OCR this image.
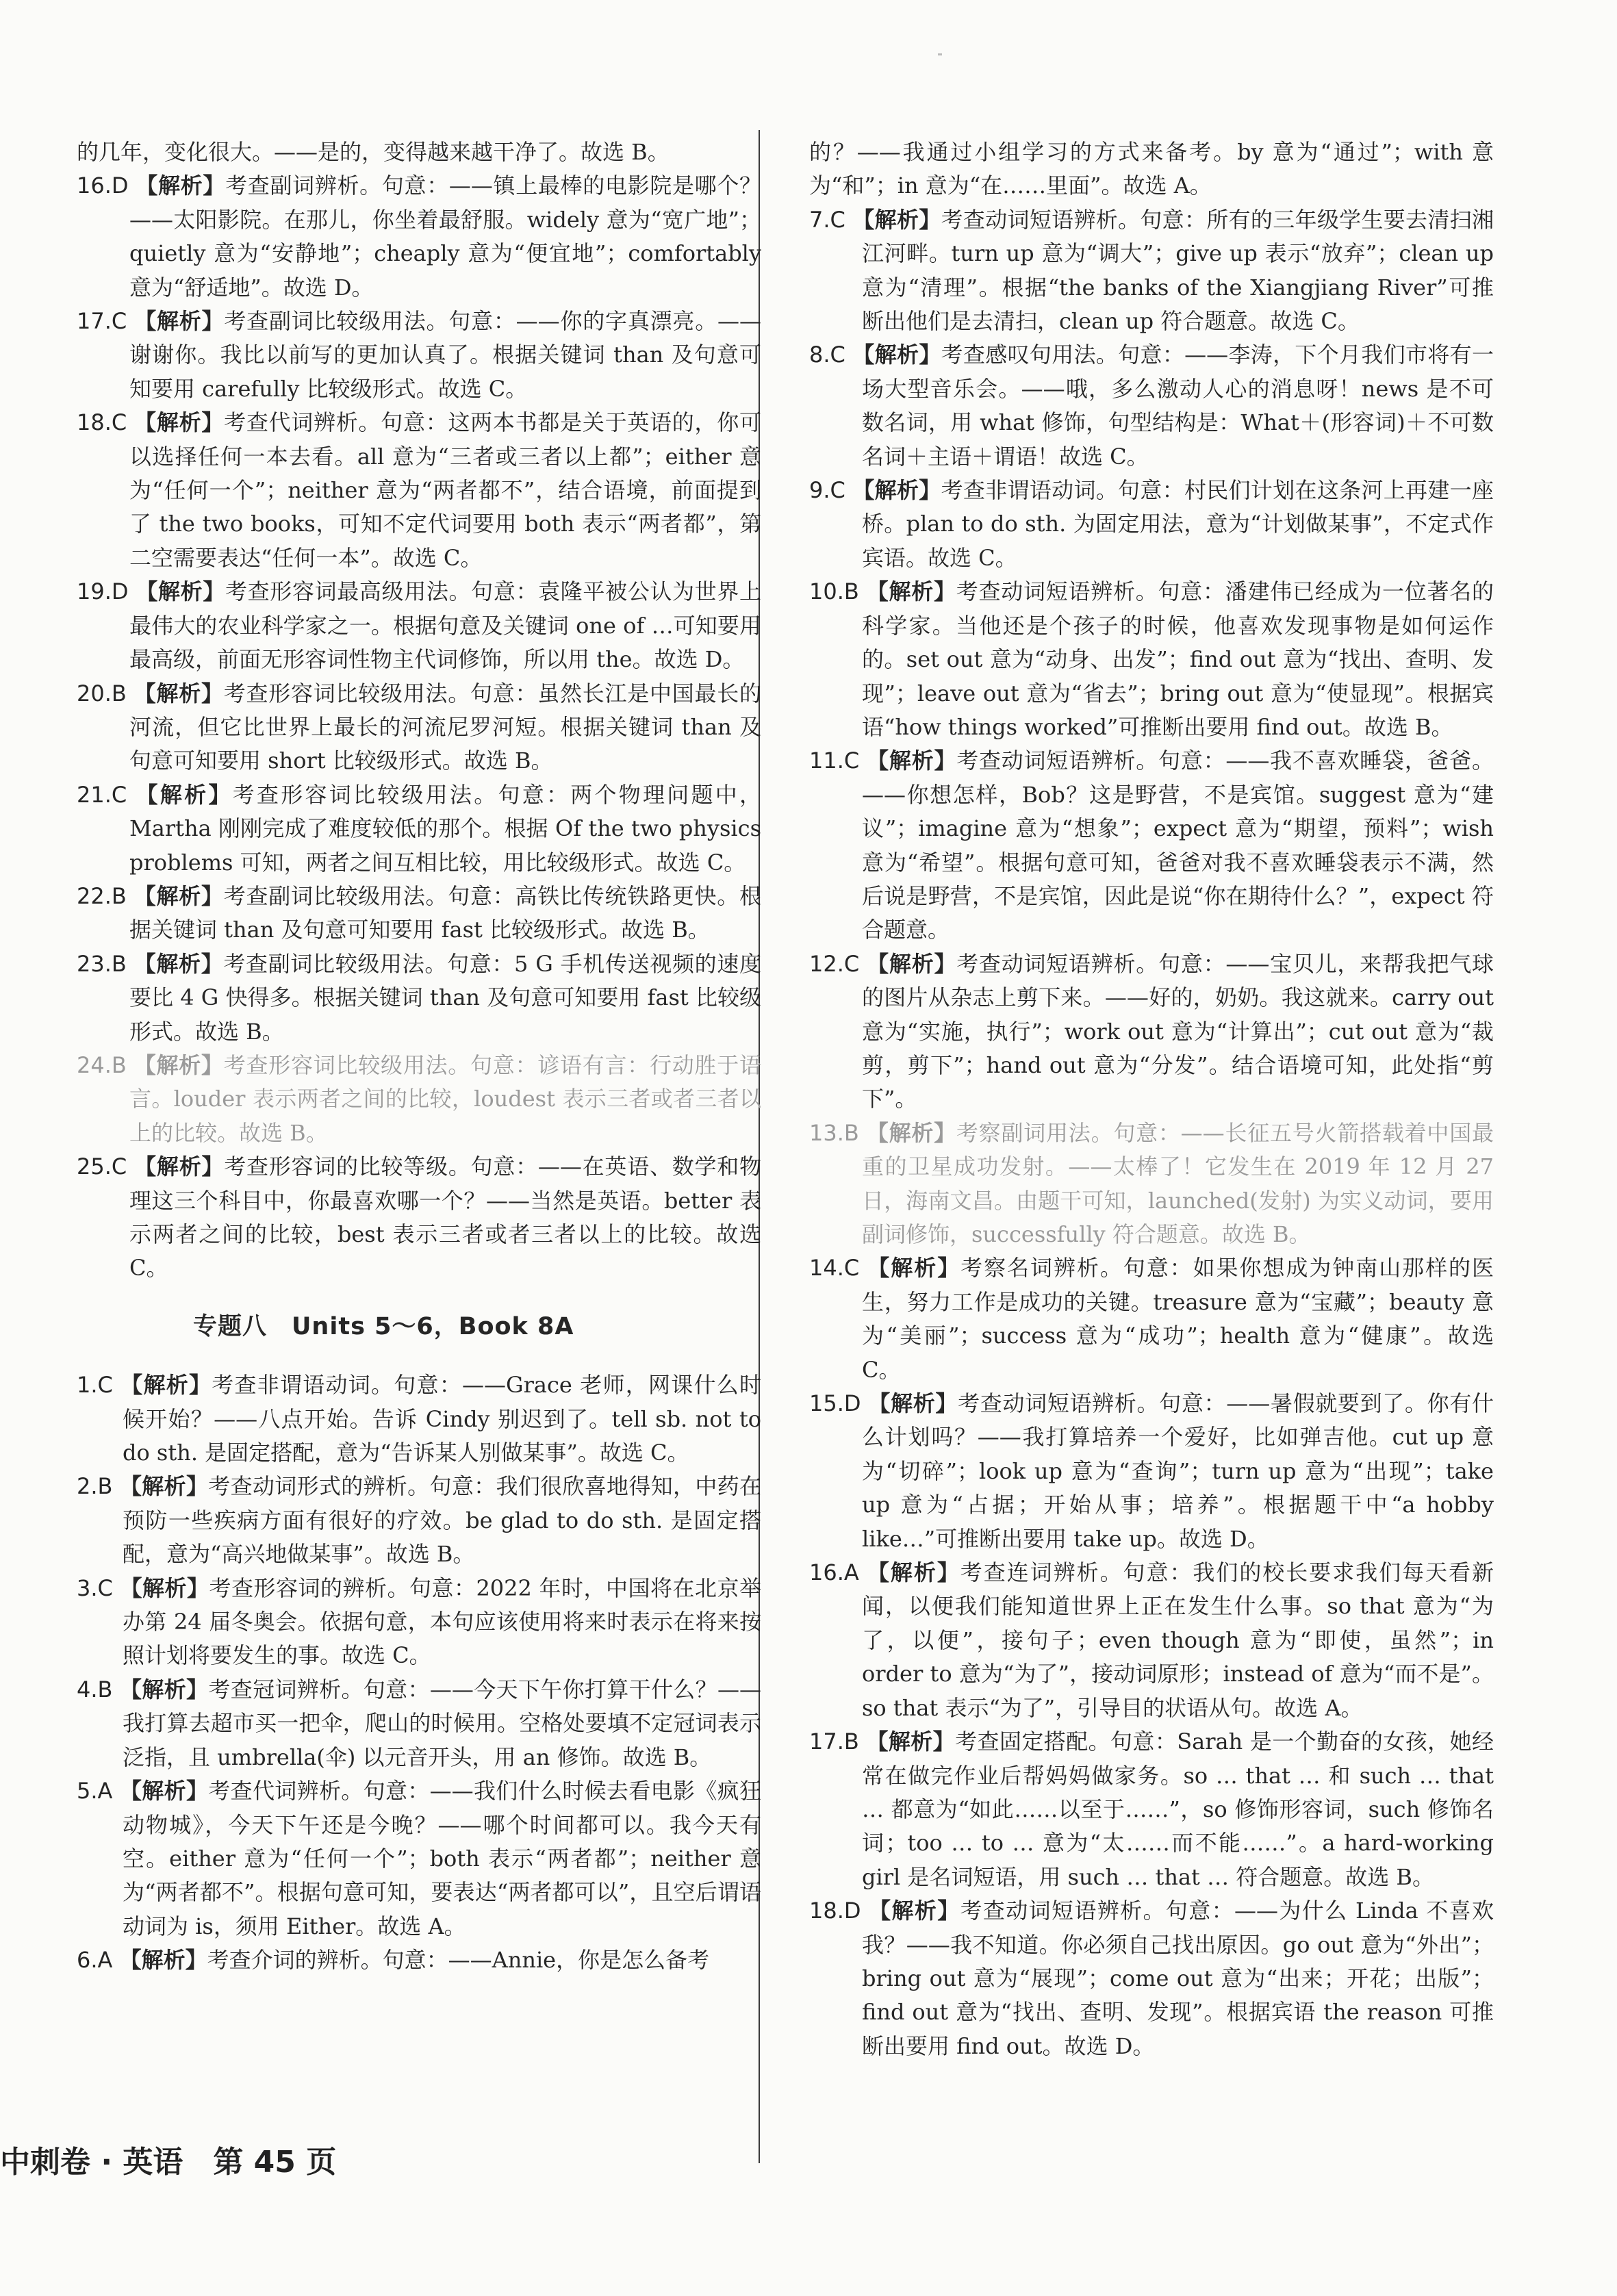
的几年，变化很大。——是的，变得越来越干净了。故选 B。

16.D 【解析】考查副词辨析。句意：——镇上最棒的电影院是哪个？——太阳影院。在那儿，你坐着最舒服。widely 意为“宽广地”；quietly 意为“安静地”；cheaply 意为“便宜地”；comfortably 意为“舒适地”。故选 D。

17.C 【解析】考查副词比较级用法。句意：——你的字真漂亮。——谢谢你。我比以前写的更加认真了。根据关键词 than 及句意可知要用 carefully 比较级形式。故选 C。

18.C 【解析】考查代词辨析。句意：这两本书都是关于英语的，你可以选择任何一本去看。all 意为“三者或三者以上都”；either 意为“任何一个”；neither 意为“两者都不”，结合语境，前面提到了 the two books，可知不定代词要用 both 表示“两者都”，第二空需要表达“任何一本”。故选 C。

19.D 【解析】考查形容词最高级用法。句意：袁隆平被公认为世界上最伟大的农业科学家之一。根据句意及关键词 one of …可知要用最高级，前面无形容词性物主代词修饰，所以用 the。故选 D。

20.B 【解析】考查形容词比较级用法。句意：虽然长江是中国最长的河流，但它比世界上最长的河流尼罗河短。根据关键词 than 及句意可知要用 short 比较级形式。故选 B。

21.C 【解析】考查形容词比较级用法。句意：两个物理问题中，Martha 刚刚完成了难度较低的那个。根据 Of the two physics problems 可知，两者之间互相比较，用比较级形式。故选 C。

22.B 【解析】考查副词比较级用法。句意：高铁比传统铁路更快。根据关键词 than 及句意可知要用 fast 比较级形式。故选 B。

23.B 【解析】考查副词比较级用法。句意：5 G 手机传送视频的速度要比 4 G 快得多。根据关键词 than 及句意可知要用 fast 比较级形式。故选 B。

24.B 【解析】考查形容词比较级用法。句意：谚语有言：行动胜于语言。louder 表示两者之间的比较，loudest 表示三者或者三者以上的比较。故选 B。

25.C 【解析】考查形容词的比较等级。句意：——在英语、数学和物理这三个科目中，你最喜欢哪一个？——当然是英语。better 表示两者之间的比较，best 表示三者或者三者以上的比较。故选 C。

专题八　Units 5～6，Book 8A

1.C 【解析】考查非谓语动词。句意：——Grace 老师，网课什么时候开始？——八点开始。告诉 Cindy 别迟到了。tell sb. not to do sth. 是固定搭配，意为“告诉某人别做某事”。故选 C。

2.B 【解析】考查动词形式的辨析。句意：我们很欣喜地得知，中药在预防一些疾病方面有很好的疗效。be glad to do sth. 是固定搭配，意为“高兴地做某事”。故选 B。

3.C 【解析】考查形容词的辨析。句意：2022 年时，中国将在北京举办第 24 届冬奥会。依据句意，本句应该使用将来时表示在将来按照计划将要发生的事。故选 C。

4.B 【解析】考查冠词辨析。句意：——今天下午你打算干什么？——我打算去超市买一把伞，爬山的时候用。空格处要填不定冠词表示泛指，且 umbrella(伞) 以元音开头，用 an 修饰。故选 B。

5.A 【解析】考查代词辨析。句意：——我们什么时候去看电影《疯狂动物城》，今天下午还是今晚？——哪个时间都可以。我今天有空。either 意为“任何一个”；both 表示“两者都”；neither 意为“两者都不”。根据句意可知，要表达“两者都可以”，且空后谓语动词为 is，须用 Either。故选 A。

6.A 【解析】考查介词的辨析。句意：——Annie，你是怎么备考

的？——我通过小组学习的方式来备考。by 意为“通过”；with 意为“和”；in 意为“在……里面”。故选 A。

7.C 【解析】考查动词短语辨析。句意：所有的三年级学生要去清扫湘江河畔。turn up 意为“调大”；give up 表示“放弃”；clean up 意为“清理”。根据“the banks of the Xiangjiang River”可推断出他们是去清扫，clean up 符合题意。故选 C。

8.C 【解析】考查感叹句用法。句意：——李涛，下个月我们市将有一场大型音乐会。——哦，多么激动人心的消息呀！news 是不可数名词，用 what 修饰，句型结构是：What＋(形容词)＋不可数名词＋主语＋谓语！故选 C。

9.C 【解析】考查非谓语动词。句意：村民们计划在这条河上再建一座桥。plan to do sth. 为固定用法，意为“计划做某事”，不定式作宾语。故选 C。

10.B 【解析】考查动词短语辨析。句意：潘建伟已经成为一位著名的科学家。当他还是个孩子的时候，他喜欢发现事物是如何运作的。set out 意为“动身、出发”；find out 意为“找出、查明、发现”；leave out 意为“省去”；bring out 意为“使显现”。根据宾语“how things worked”可推断出要用 find out。故选 B。

11.C 【解析】考查动词短语辨析。句意：——我不喜欢睡袋，爸爸。——你想怎样，Bob？这是野营，不是宾馆。suggest 意为“建议”；imagine 意为“想象”；expect 意为“期望，预料”；wish 意为“希望”。根据句意可知，爸爸对我不喜欢睡袋表示不满，然后说是野营，不是宾馆，因此是说“你在期待什么？”，expect 符合题意。

12.C 【解析】考查动词短语辨析。句意：——宝贝儿，来帮我把气球的图片从杂志上剪下来。——好的，奶奶。我这就来。carry out 意为“实施，执行”；work out 意为“计算出”；cut out 意为“裁剪，剪下”；hand out 意为“分发”。结合语境可知，此处指“剪下”。

13.B 【解析】考察副词用法。句意：——长征五号火箭搭载着中国最重的卫星成功发射。——太棒了！它发生在 2019 年 12 月 27 日，海南文昌。由题干可知，launched(发射) 为实义动词，要用副词修饰，successfully 符合题意。故选 B。

14.C 【解析】考察名词辨析。句意：如果你想成为钟南山那样的医生，努力工作是成功的关键。treasure 意为“宝藏”；beauty 意为“美丽”；success 意为“成功”；health 意为“健康”。故选 C。

15.D 【解析】考查动词短语辨析。句意：——暑假就要到了。你有什么计划吗？——我打算培养一个爱好，比如弹吉他。cut up 意为“切碎”；look up 意为“查询”；turn up 意为“出现”；take up 意为“占据；开始从事；培养”。根据题干中“a hobby like…”可推断出要用 take up。故选 D。

16.A 【解析】考查连词辨析。句意：我们的校长要求我们每天看新闻，以便我们能知道世界上正在发生什么事。so that 意为“为了，以便”，接句子；even though 意为“即使，虽然”；in order to 意为“为了”，接动词原形；instead of 意为“而不是”。so that 表示“为了”，引导目的状语从句。故选 A。

17.B 【解析】考查固定搭配。句意：Sarah 是一个勤奋的女孩，她经常在做完作业后帮妈妈做家务。so … that … 和 such … that … 都意为“如此……以至于……”，so 修饰形容词，such 修饰名词；too … to … 意为“太……而不能……”。a hard-working girl 是名词短语，用 such … that … 符合题意。故选 B。

18.D 【解析】考查动词短语辨析。句意：——为什么 Linda 不喜欢我？——我不知道。你必须自己找出原因。go out 意为“外出”；bring out 意为“展现”；come out 意为“出来；开花；出版”；find out 意为“找出、查明、发现”。根据宾语 the reason 可推断出要用 find out。故选 D。

中刺卷 · 英语　第 45 页
